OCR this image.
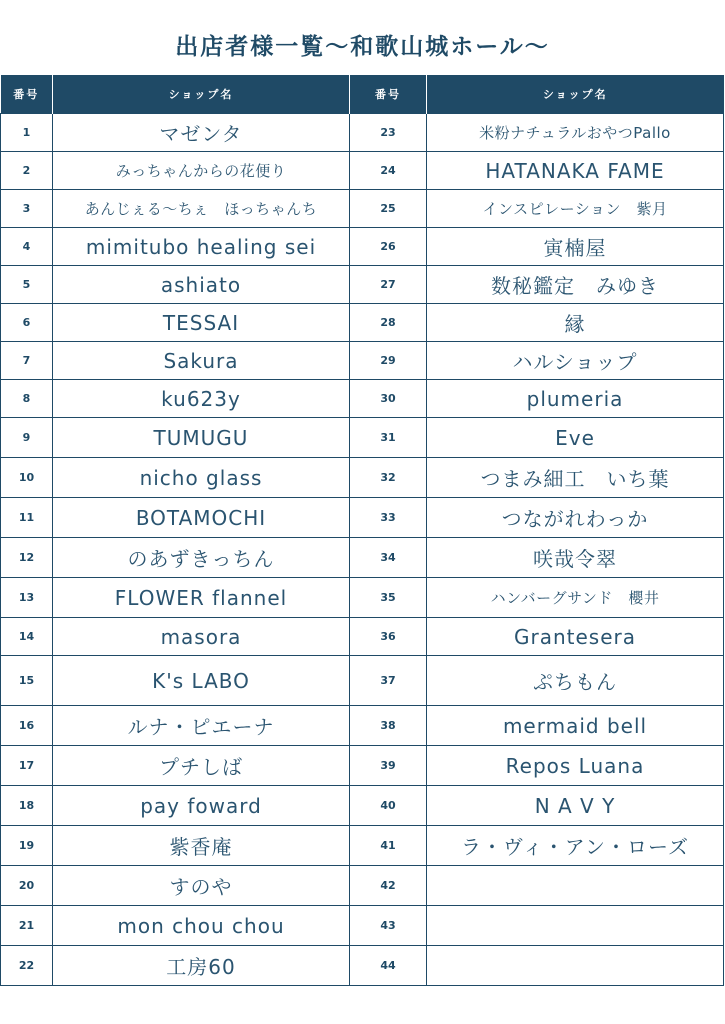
出店者様一覧～和歌山城ホール～
番号	ショップ名	番号	ショップ名
1	マゼンタ	23	米粉ナチュラルおやつPallo
2	みっちゃんからの花便り	24	HATANAKA FAME
3	あんじぇる〜ちぇ　ほっちゃんち	25	インスピレーション　紫月
4	mimitubo healing sei	26	寅楠屋
5	ashiato	27	数秘鑑定　みゆき
6	TESSAI	28	縁
7	Sakura	29	ハルショップ
8	ku623y	30	plumeria
9	TUMUGU	31	Eve
10	nicho glass	32	つまみ細工　いち葉
11	BOTAMOCHI	33	つながれわっか
12	のあずきっちん	34	咲哉令翠
13	FLOWER flannel	35	ハンバーグサンド　櫻井
14	masora	36	Grantesera
15	K's LABO	37	ぷちもん
16	ルナ・ピエーナ	38	mermaid bell
17	プチしば	39	Repos Luana
18	pay foward	40	N A V Y
19	紫香庵	41	ラ・ヴィ・アン・ローズ
20	すのや	42	
21	mon chou chou	43	
22	工房60	44	
